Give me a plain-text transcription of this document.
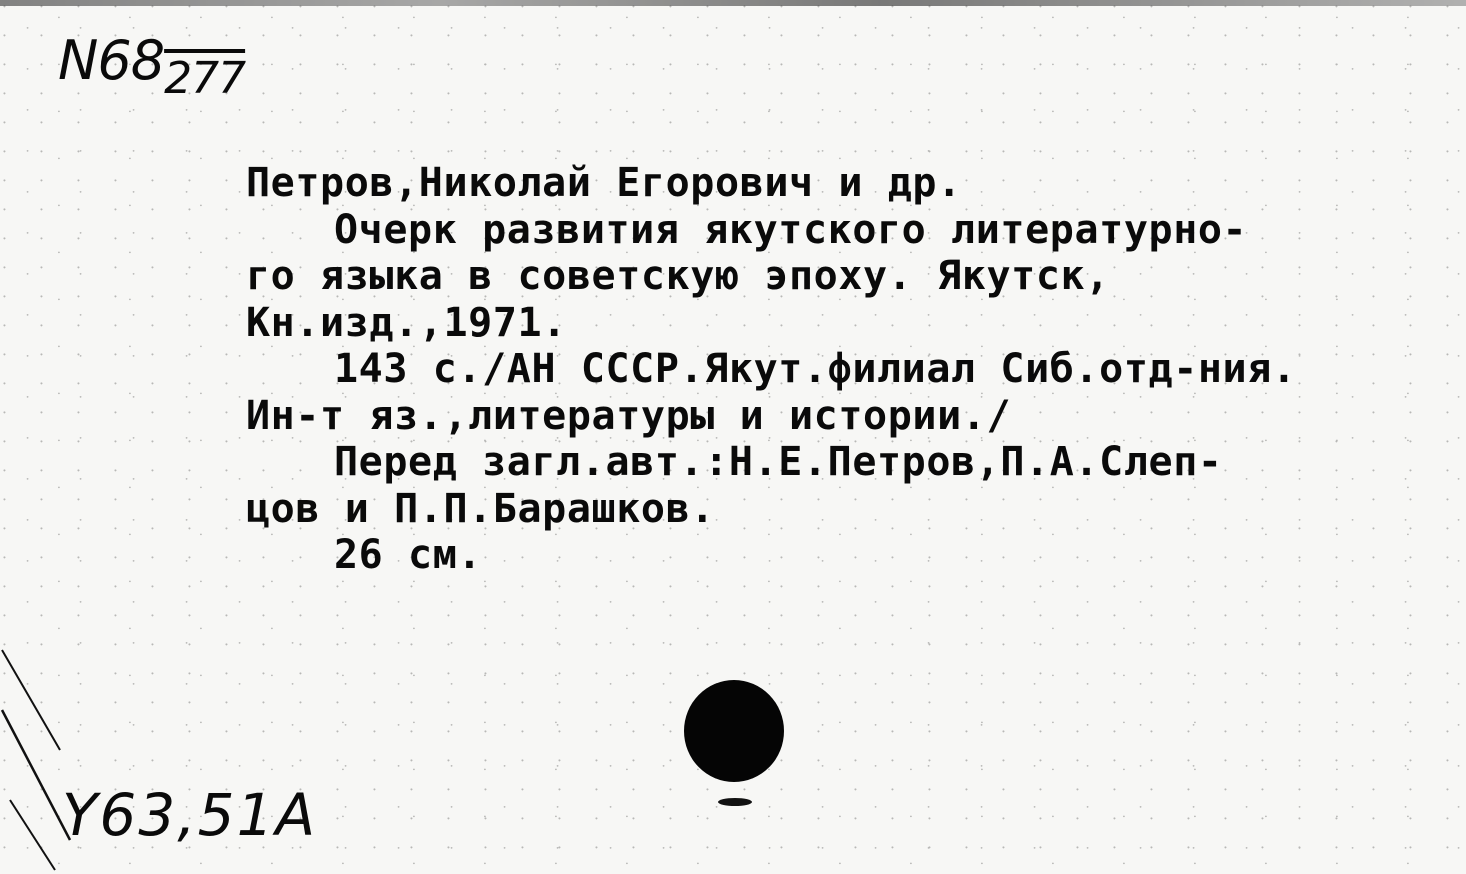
$N68_{277}$
Петров,Николай Егорович и др.
Очерк развития якутского литературно-
го языка в советскую эпоху. Якутск,
Кн.изд.,1971.
143 с./АН СССР.Якут.филиал Сиб.отд-ния.
Ин-т яз.,литературы и истории./
Перед загл.авт.:Н.Е.Петров,П.А.Слеп-
цов и П.П.Барашков.
26 см.
Y63,51A
